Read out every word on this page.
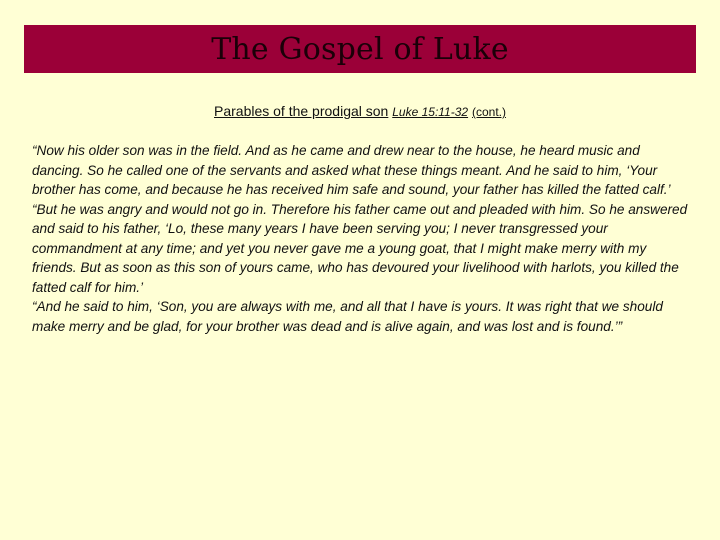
The Gospel of Luke
Parables of the prodigal son Luke 15:11-32 (cont.)

“Now his older son was in the field. And as he came and drew near to the house, he heard music and dancing. So he called one of the servants and asked what these things meant. And he said to him, ‘Your brother has come, and because he has received him safe and sound, your father has killed the fatted calf.’

“But he was angry and would not go in. Therefore his father came out and pleaded with him. So he answered and said to his father, ‘Lo, these many years I have been serving you; I never transgressed your commandment at any time; and yet you never gave me a young goat, that I might make merry with my friends. But as soon as this son of yours came, who has devoured your livelihood with harlots, you killed the fatted calf for him.’

“And he said to him, ‘Son, you are always with me, and all that I have is yours. It was right that we should make merry and be glad, for your brother was dead and is alive again, and was lost and is found.’”
